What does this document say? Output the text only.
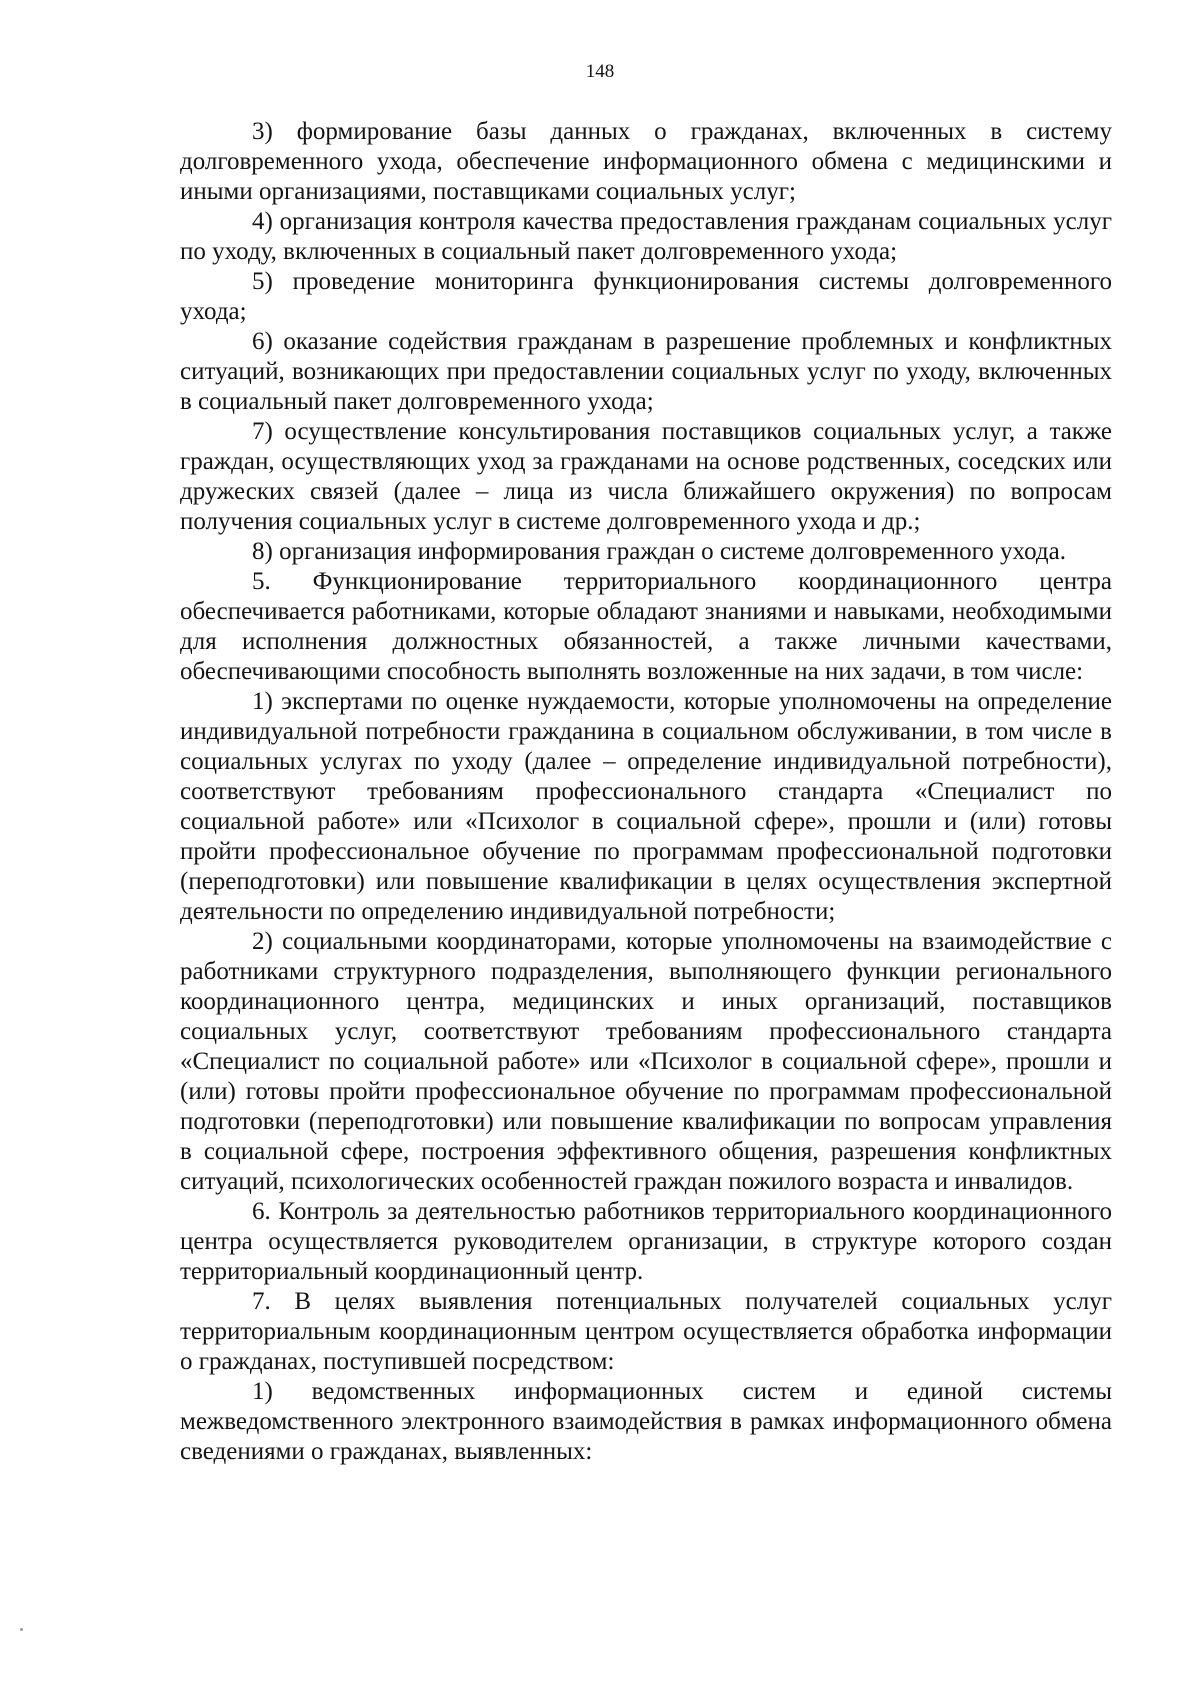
148

3) формирование базы данных о гражданах, включенных в систему долговременного ухода, обеспечение информационного обмена с медицинскими и иными организациями, поставщиками социальных услуг;

4) организация контроля качества предоставления гражданам социальных услуг по уходу, включенных в социальный пакет долговременного ухода;

5) проведение мониторинга функционирования системы долговременного ухода;

6) оказание содействия гражданам в разрешение проблемных и конфликтных ситуаций, возникающих при предоставлении социальных услуг по уходу, включенных в социальный пакет долговременного ухода;

7) осуществление консультирования поставщиков социальных услуг, а также граждан, осуществляющих уход за гражданами на основе родственных, соседских или дружеских связей (далее – лица из числа ближайшего окружения) по вопросам получения социальных услуг в системе долговременного ухода и др.;

8) организация информирования граждан о системе долговременного ухода.

5. Функционирование территориального координационного центра обеспечивается работниками, которые обладают знаниями и навыками, необходимыми для исполнения должностных обязанностей, а также личными качествами, обеспечивающими способность выполнять возложенные на них задачи, в том числе:

1) экспертами по оценке нуждаемости, которые уполномочены на определение индивидуальной потребности гражданина в социальном обслуживании, в том числе в социальных услугах по уходу (далее – определение индивидуальной потребности), соответствуют требованиям профессионального стандарта «Специалист по социальной работе» или «Психолог в социальной сфере», прошли и (или) готовы пройти профессиональное обучение по программам профессиональной подготовки (переподготовки) или повышение квалификации в целях осуществления экспертной деятельности по определению индивидуальной потребности;

2) социальными координаторами, которые уполномочены на взаимодействие с работниками структурного подразделения, выполняющего функции регионального координационного центра, медицинских и иных организаций, поставщиков социальных услуг, соответствуют требованиям профессионального стандарта «Специалист по социальной работе» или «Психолог в социальной сфере», прошли и (или) готовы пройти профессиональное обучение по программам профессиональной подготовки (переподготовки) или повышение квалификации по вопросам управления в социальной сфере, построения эффективного общения, разрешения конфликтных ситуаций, психологических особенностей граждан пожилого возраста и инвалидов.

6. Контроль за деятельностью работников территориального координационного центра осуществляется руководителем организации, в структуре которого создан территориальный координационный центр.

7. В целях выявления потенциальных получателей социальных услуг территориальным координационным центром осуществляется обработка информации о гражданах, поступившей посредством:

1) ведомственных информационных систем и единой системы межведомственного электронного взаимодействия в рамках информационного обмена сведениями о гражданах, выявленных:
